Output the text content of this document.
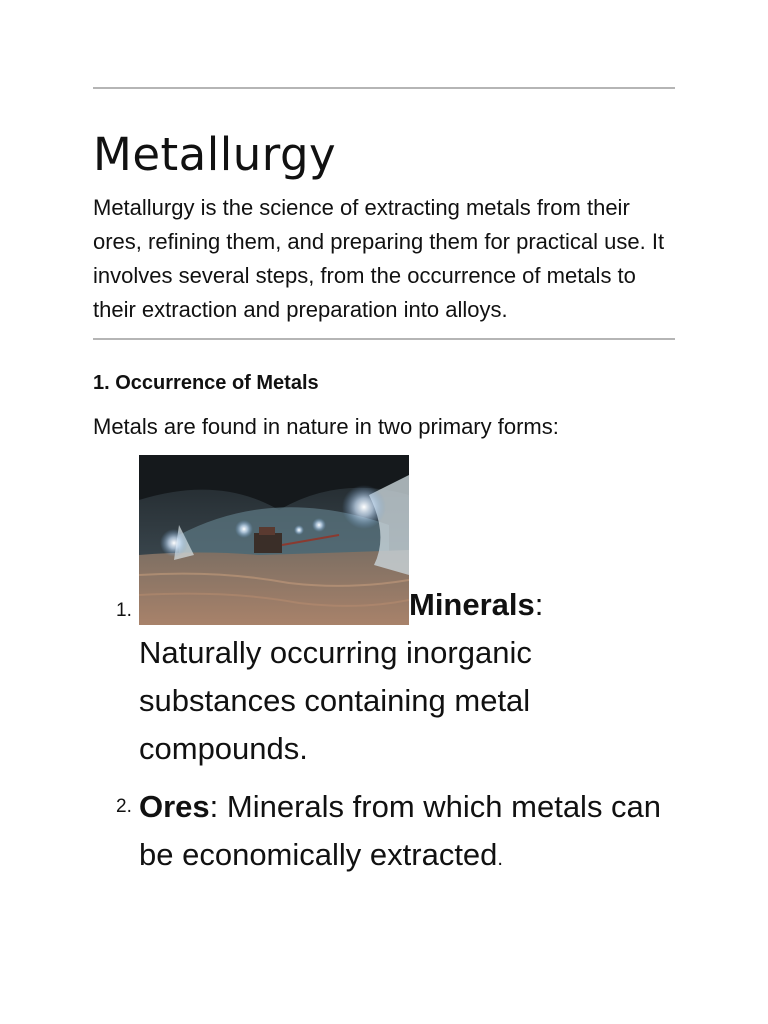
Metallurgy

Metallurgy is the science of extracting metals from their ores, refining them, and preparing them for practical use. It involves several steps, from the occurrence of metals to their extraction and preparation into alloys.

1. Occurrence of Metals

Metals are found in nature in two primary forms:

1.	Minerals:
Naturally occurring inorganic substances containing metal compounds.
2. Ores: Minerals from which metals can be economically extracted.
